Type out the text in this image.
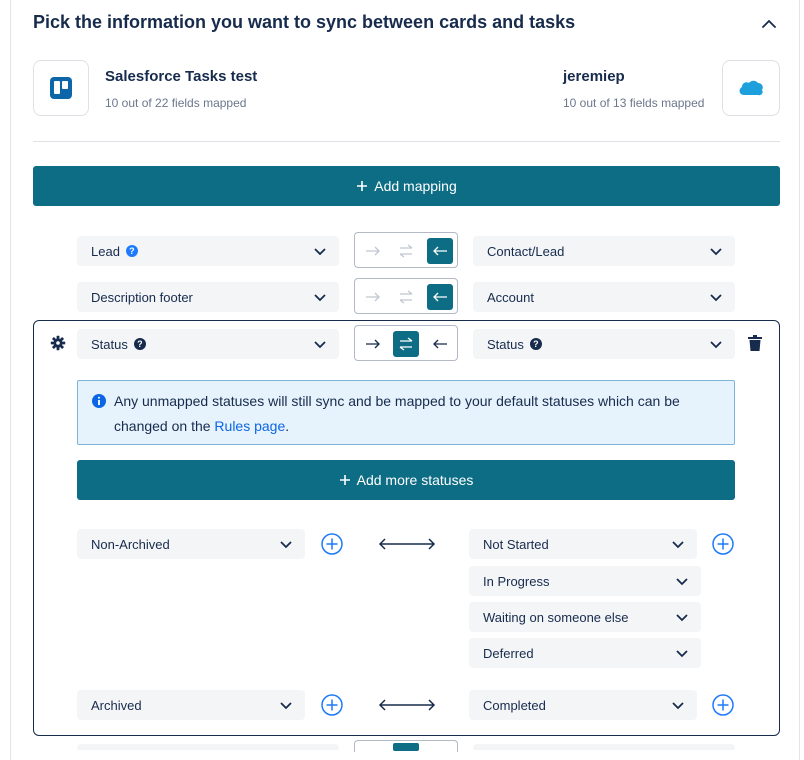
Pick the information you want to sync between cards and tasks
Salesforce Tasks test
10 out of 22 fields mapped
jeremiep
10 out of 13 fields mapped
Add mapping
Lead	?	Contact/Lead
Description footer	Account
Status	?	Status	?
Any unmapped statuses will still sync and be mapped to your default statuses which can be changed on the Rules page.
Add more statuses
Non-Archived	Not Started
In Progress
Waiting on someone else
Deferred
Archived	Completed
